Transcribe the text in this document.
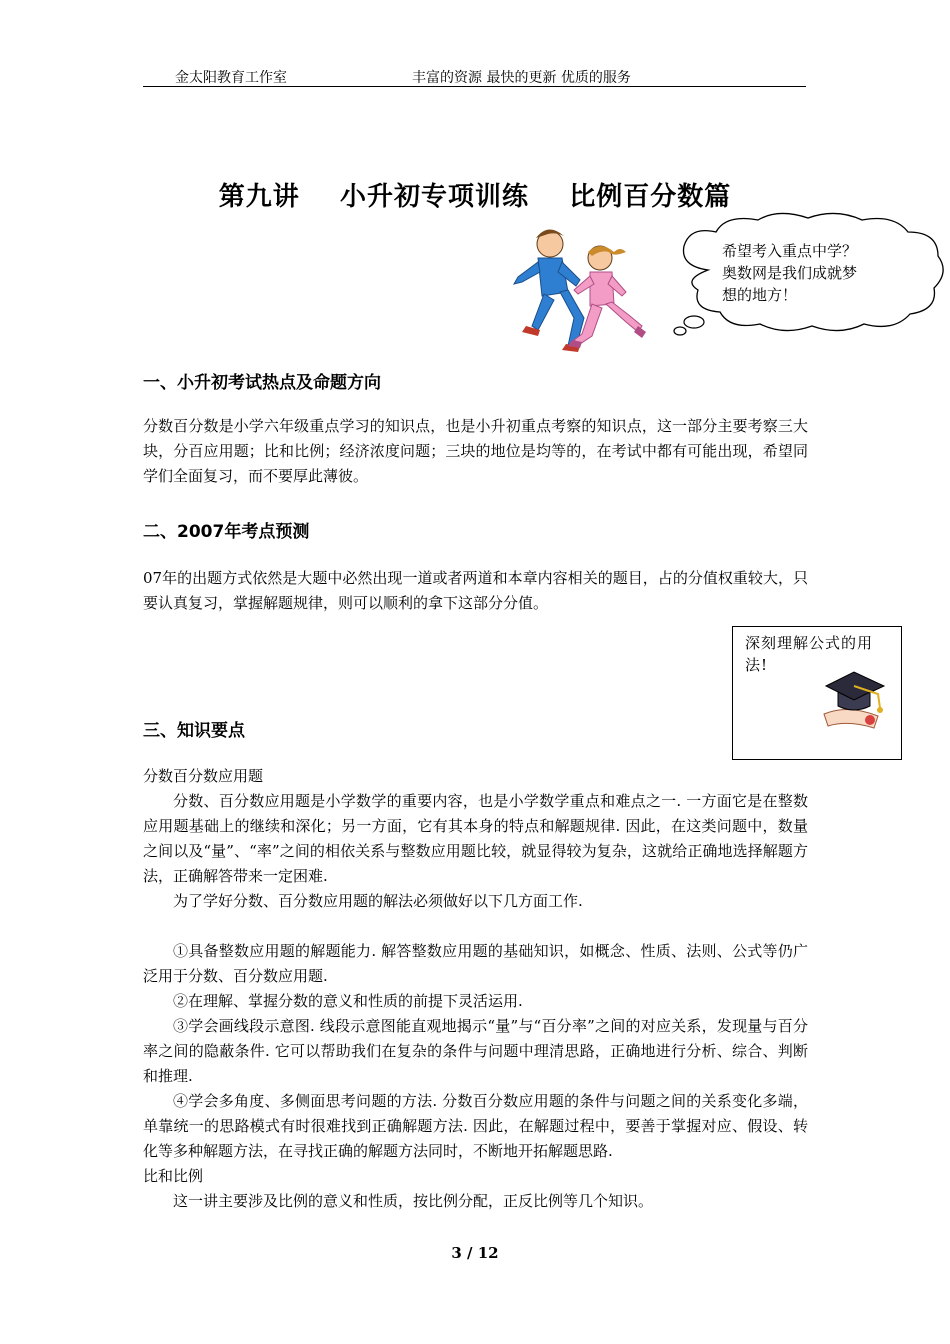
金太阳教育工作室	丰富的资源 最快的更新 优质的服务
第九讲    小升初专项训练    比例百分数篇
希望考入重点中学？
奥数网是我们成就梦
想的地方！
一、小升初考试热点及命题方向
分数百分数是小学六年级重点学习的知识点，也是小升初重点考察的知识点，这一部分主要考察三大块，分百应用题；比和比例；经济浓度问题；三块的地位是均等的，在考试中都有可能出现，希望同学们全面复习，而不要厚此薄彼。
二、2007年考点预测
07年的出题方式依然是大题中必然出现一道或者两道和本章内容相关的题目，占的分值权重较大，只要认真复习，掌握解题规律，则可以顺利的拿下这部分分值。
深刻理解公式的用法!
三、知识要点
分数百分数应用题
分数、百分数应用题是小学数学的重要内容，也是小学数学重点和难点之一. 一方面它是在整数应用题基础上的继续和深化；另一方面，它有其本身的特点和解题规律. 因此，在这类问题中，数量之间以及“量”、“率”之间的相依关系与整数应用题比较，就显得较为复杂，这就给正确地选择解题方法，正确解答带来一定困难.
为了学好分数、百分数应用题的解法必须做好以下几方面工作.
①具备整数应用题的解题能力. 解答整数应用题的基础知识，如概念、性质、法则、公式等仍广泛用于分数、百分数应用题.
②在理解、掌握分数的意义和性质的前提下灵活运用.
③学会画线段示意图. 线段示意图能直观地揭示“量”与“百分率”之间的对应关系，发现量与百分率之间的隐蔽条件. 它可以帮助我们在复杂的条件与问题中理清思路，正确地进行分析、综合、判断和推理.
④学会多角度、多侧面思考问题的方法. 分数百分数应用题的条件与问题之间的关系变化多端，单靠统一的思路模式有时很难找到正确解题方法. 因此，在解题过程中，要善于掌握对应、假设、转化等多种解题方法，在寻找正确的解题方法同时，不断地开拓解题思路.
比和比例
这一讲主要涉及比例的意义和性质，按比例分配，正反比例等几个知识。
3 / 12
